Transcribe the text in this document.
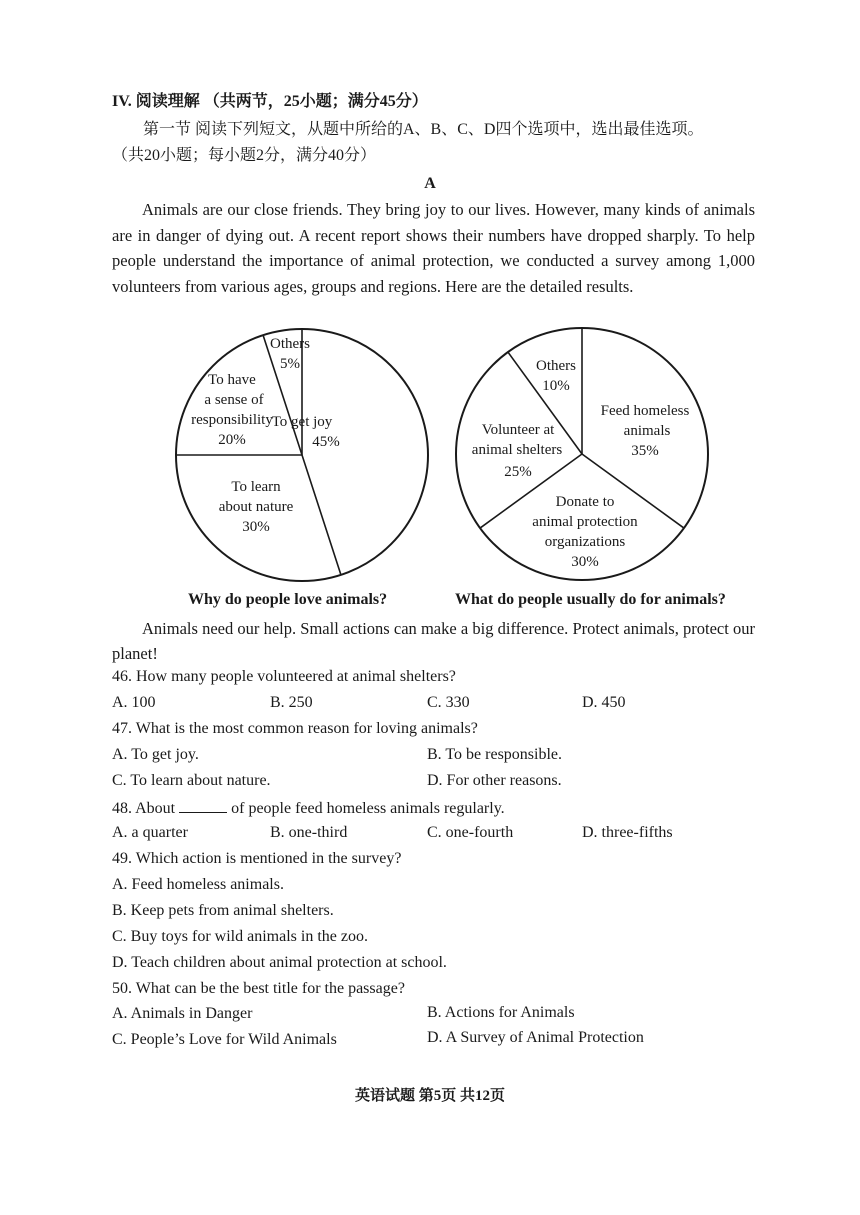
IV. 阅读理解 （共两节，25小题；满分45分）
第一节 阅读下列短文，从题中所给的A、B、C、D四个选项中，选出最佳选项。
（共20小题；每小题2分，满分40分）
A
Animals are our close friends. They bring joy to our lives. However, many kinds of animals are in danger of dying out. A recent report shows their numbers have dropped sharply. To help people understand the importance of animal protection, we conducted a survey among 1,000 volunteers from various ages, groups and regions. Here are the detailed results.
To get joy
45%
To learn
about nature
30%
To have
a sense of
responsibility
20%
Others
5%
Feed homeless
animals
35%
Donate to
animal protection
organizations
30%
Volunteer at
animal shelters
25%
Others
10%
Why do people love animals?	What do people usually do for animals?
Animals need our help. Small actions can make a big difference. Protect animals, protect our planet!
46. How many people volunteered at animal shelters?
A. 100	B. 250	C. 330	D. 450
47. What is the most common reason for loving animals?
A. To get joy.	B. To be responsible.
C. To learn about nature.	D. For other reasons.
48. About	of people feed homeless animals regularly.
A. a quarter	B. one-third	C. one-fourth	D. three-fifths
49. Which action is mentioned in the survey?
A. Feed homeless animals.
B. Keep pets from animal shelters.
C. Buy toys for wild animals in the zoo.
D. Teach children about animal protection at school.
50. What can be the best title for the passage?
A. Animals in Danger	B. Actions for Animals
C. People’s Love for Wild Animals	D. A Survey of Animal Protection
英语试题 第5页 共12页
